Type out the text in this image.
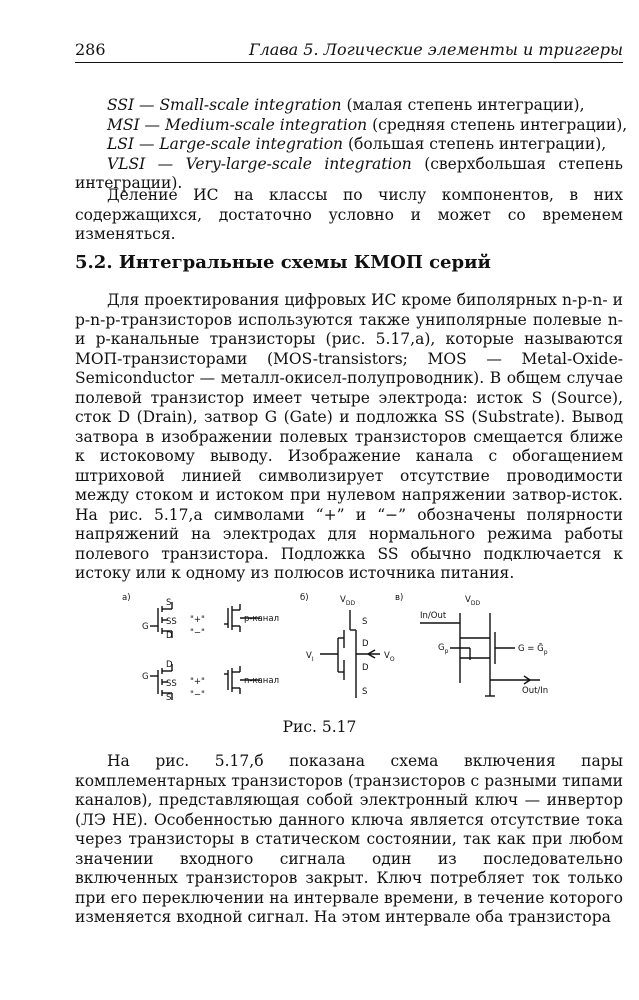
286	Глава 5. Логические элементы и триггеры
SSI — Small-scale integration (малая степень интеграции),
MSI — Medium-scale integration (средняя степень интеграции),
LSI — Large-scale integration (большая степень интеграции),
VLSI — Very-large-scale integration (сверхбольшая степень интеграции).
Деление ИС на классы по числу компонентов, в них содержащихся, достаточно условно и может со временем изменяться.
5.2. Интегральные схемы КМОП серий
Для проектирования цифровых ИС кроме биполярных n-p-n- и p-n-p-транзисторов используются также униполярные полевые n- и p-канальные транзисторы (рис. 5.17,а), которые называются МОП-транзисторами (MOS-transistors; MOS — Metal-Oxide-Semiconductor — металл-окисел-полупроводник). В общем случае полевой транзистор имеет четыре электрода: исток S (Source), сток D (Drain), затвор G (Gate) и подложка SS (Substrate). Вывод затвора в изображении полевых транзисторов смещается ближе к истоковому выводу. Изображение канала с обогащением штриховой линией символизирует отсутствие проводимости между стоком и истоком при нулевом напряжении затвор-исток. На рис. 5.17,а символами “+” и “−” обозначены полярности напряжений на электродах для нормального режима работы полевого транзистора. Подложка SS обычно подключается к истоку или к одному из полюсов источника питания.
а)	S
G SS
D
"+"
"−"
p-канал
D
G
SS
S
"+"
"−"
n-канал
б)	$V_{DD}$
S
D
D
S
$V_I$	$V_O$
в)
In/Out
$V_{DD}$
$G_p$	G = Ḡ$_p$
Out/In
Рис. 5.17
На рис. 5.17,б показана схема включения пары комплементарных транзисторов (транзисторов с разными типами каналов), представляющая собой электронный ключ — инвертор (ЛЭ НЕ). Особенностью данного ключа является отсутствие тока через транзисторы в статическом состоянии, так как при любом значении входного сигнала один из последовательно включенных транзисторов закрыт. Ключ потребляет ток только при его переключении на интервале времени, в течение которого изменяется входной сигнал. На этом интервале оба транзистора
